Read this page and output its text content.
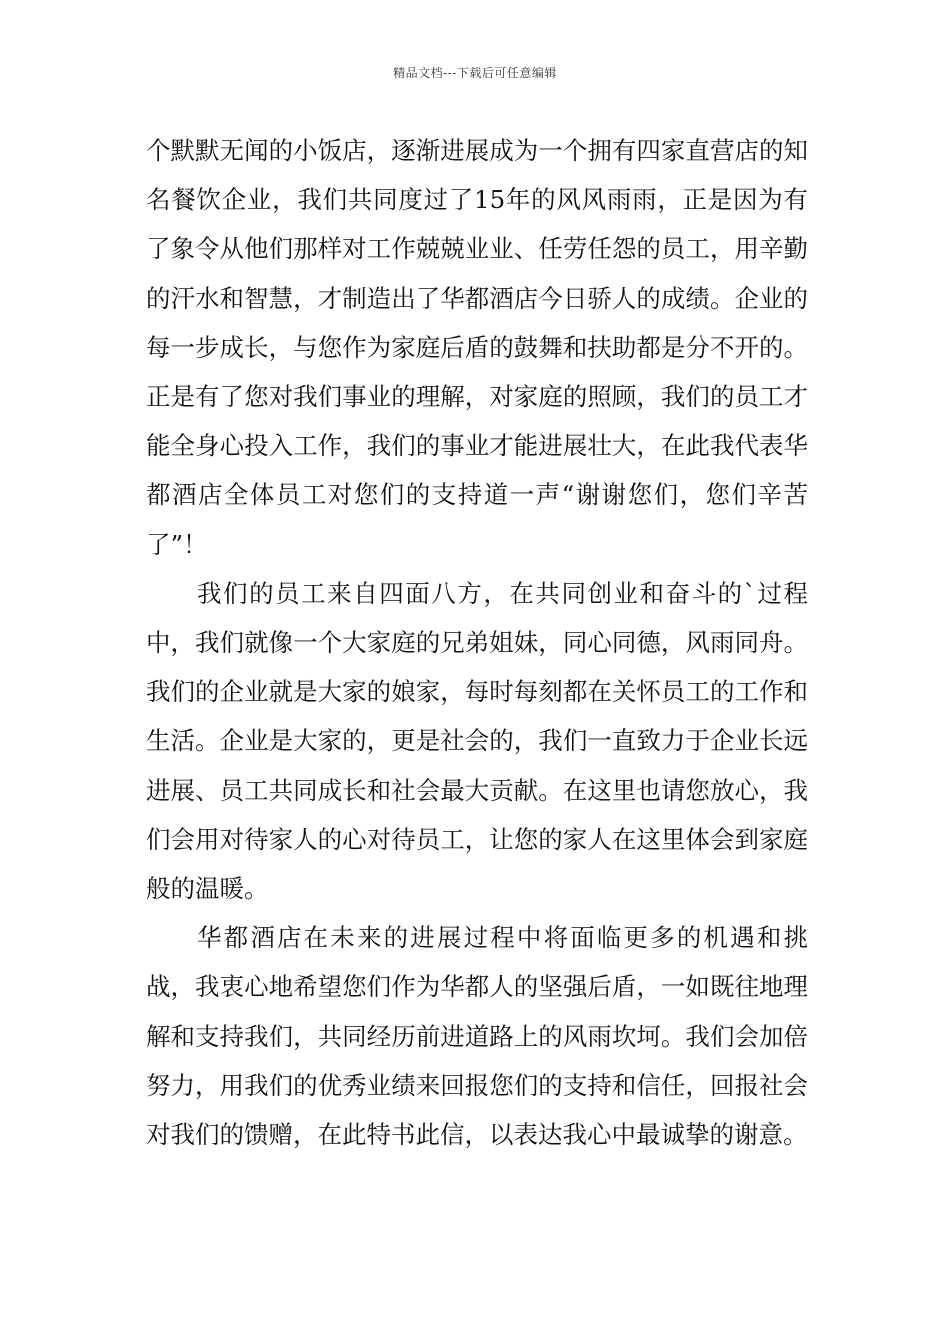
精品文档---下载后可任意编辑

个默默无闻的小饭店，逐渐进展成为一个拥有四家直营店的知名餐饮企业，我们共同度过了15年的风风雨雨，正是因为有了象令从他们那样对工作兢兢业业、任劳任怨的员工，用辛勤的汗水和智慧，才制造出了华都酒店今日骄人的成绩。企业的每一步成长，与您作为家庭后盾的鼓舞和扶助都是分不开的。正是有了您对我们事业的理解，对家庭的照顾，我们的员工才能全身心投入工作，我们的事业才能进展壮大，在此我代表华都酒店全体员工对您们的支持道一声“谢谢您们，您们辛苦了”！

我们的员工来自四面八方，在共同创业和奋斗的`过程中，我们就像一个大家庭的兄弟姐妹，同心同德，风雨同舟。我们的企业就是大家的娘家，每时每刻都在关怀员工的工作和生活。企业是大家的，更是社会的，我们一直致力于企业长远进展、员工共同成长和社会最大贡献。在这里也请您放心，我们会用对待家人的心对待员工，让您的家人在这里体会到家庭般的温暖。

华都酒店在未来的进展过程中将面临更多的机遇和挑战，我衷心地希望您们作为华都人的坚强后盾，一如既往地理解和支持我们，共同经历前进道路上的风雨坎坷。我们会加倍努力，用我们的优秀业绩来回报您们的支持和信任，回报社会对我们的馈赠，在此特书此信，以表达我心中最诚挚的谢意。
